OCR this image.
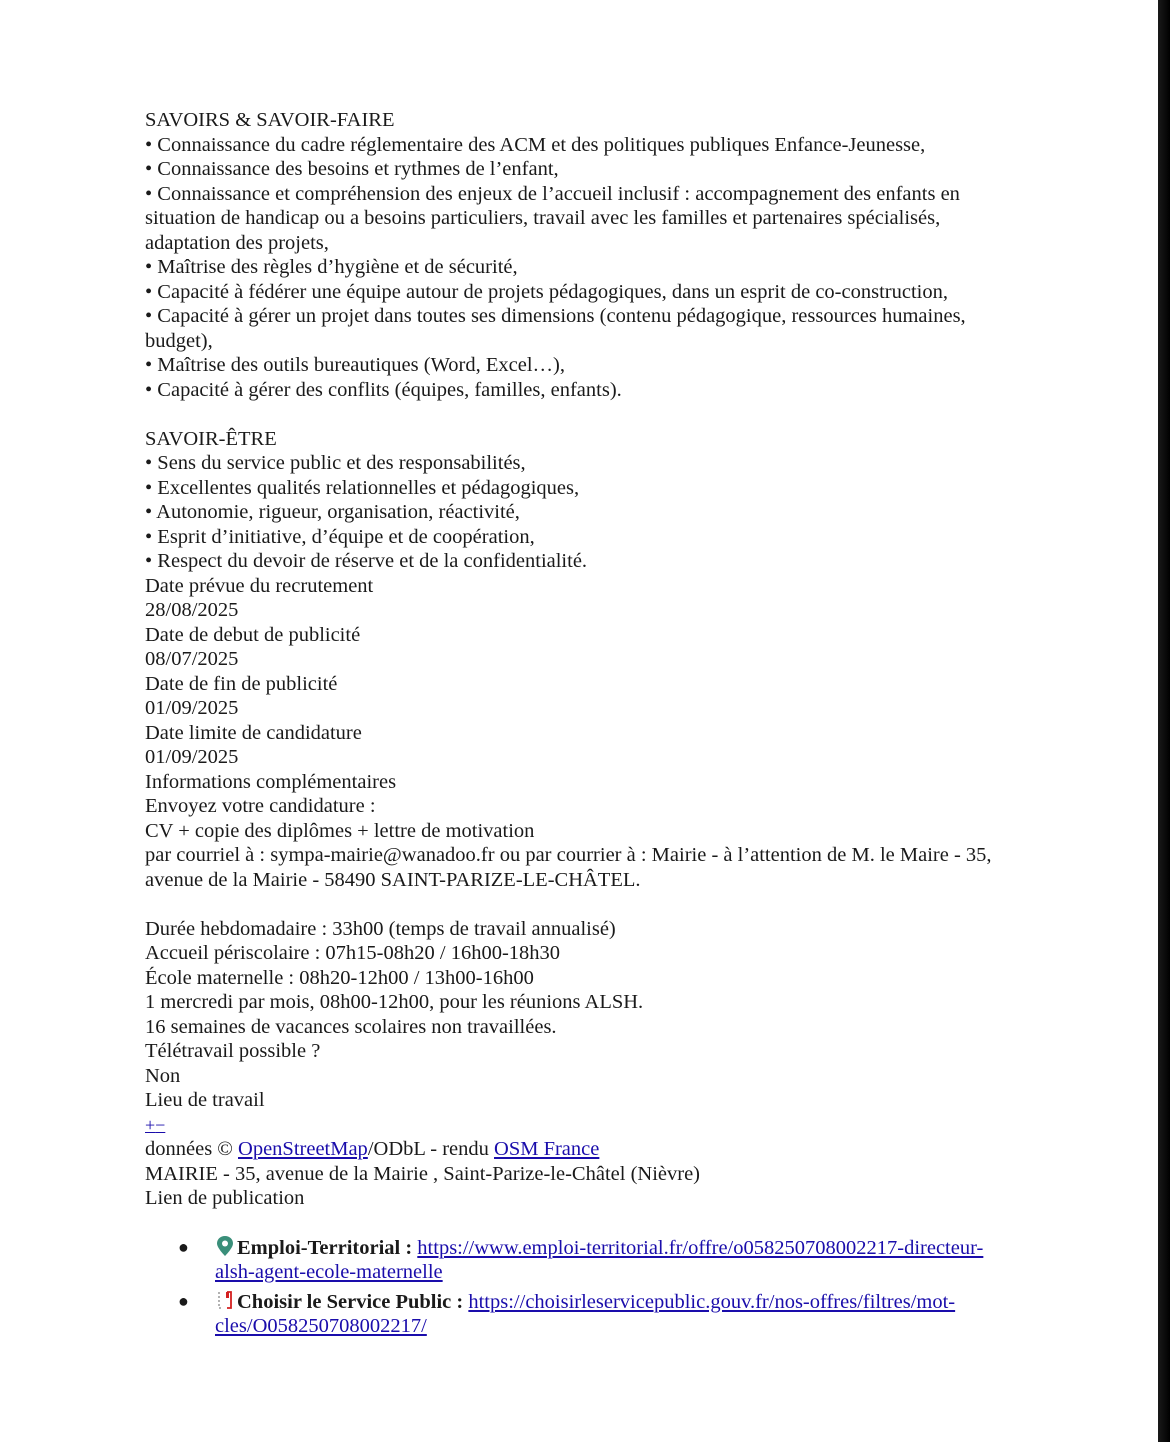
SAVOIRS & SAVOIR-FAIRE
• Connaissance du cadre réglementaire des ACM et des politiques publiques Enfance-Jeunesse,
• Connaissance des besoins et rythmes de l’enfant,
• Connaissance et compréhension des enjeux de l’accueil inclusif : accompagnement des enfants en situation de handicap ou a besoins particuliers, travail avec les familles et partenaires spécialisés, adaptation des projets,
• Maîtrise des règles d’hygiène et de sécurité,
• Capacité à fédérer une équipe autour de projets pédagogiques, dans un esprit de co-construction,
• Capacité à gérer un projet dans toutes ses dimensions (contenu pédagogique, ressources humaines, budget),
• Maîtrise des outils bureautiques (Word, Excel…),
• Capacité à gérer des conflits (équipes, familles, enfants).
SAVOIR-ÊTRE
• Sens du service public et des responsabilités,
• Excellentes qualités relationnelles et pédagogiques,
• Autonomie, rigueur, organisation, réactivité,
• Esprit d’initiative, d’équipe et de coopération,
• Respect du devoir de réserve et de la confidentialité.
Date prévue du recrutement
28/08/2025
Date de debut de publicité
08/07/2025
Date de fin de publicité
01/09/2025
Date limite de candidature
01/09/2025
Informations complémentaires
Envoyez votre candidature :
CV + copie des diplômes + lettre de motivation
par courriel à : sympa-mairie@wanadoo.fr ou par courrier à : Mairie - à l’attention de M. le Maire - 35, avenue de la Mairie - 58490 SAINT-PARIZE-LE-CHÂTEL.
Durée hebdomadaire : 33h00 (temps de travail annualisé)
Accueil périscolaire : 07h15-08h20 / 16h00-18h30
École maternelle : 08h20-12h00 / 13h00-16h00
1 mercredi par mois, 08h00-12h00, pour les réunions ALSH.
16 semaines de vacances scolaires non travaillées.
Télétravail possible ?
Non
Lieu de travail
+−
données © OpenStreetMap/ODbL - rendu OSM France
MAIRIE - 35, avenue de la Mairie , Saint-Parize-le-Châtel (Nièvre)
Lien de publication
● Emploi-Territorial : https://www.emploi-territorial.fr/offre/o058250708002217-directeur-alsh-agent-ecole-maternelle
● Choisir le Service Public : https://choisirleservicepublic.gouv.fr/nos-offres/filtres/mot-cles/O058250708002217/
